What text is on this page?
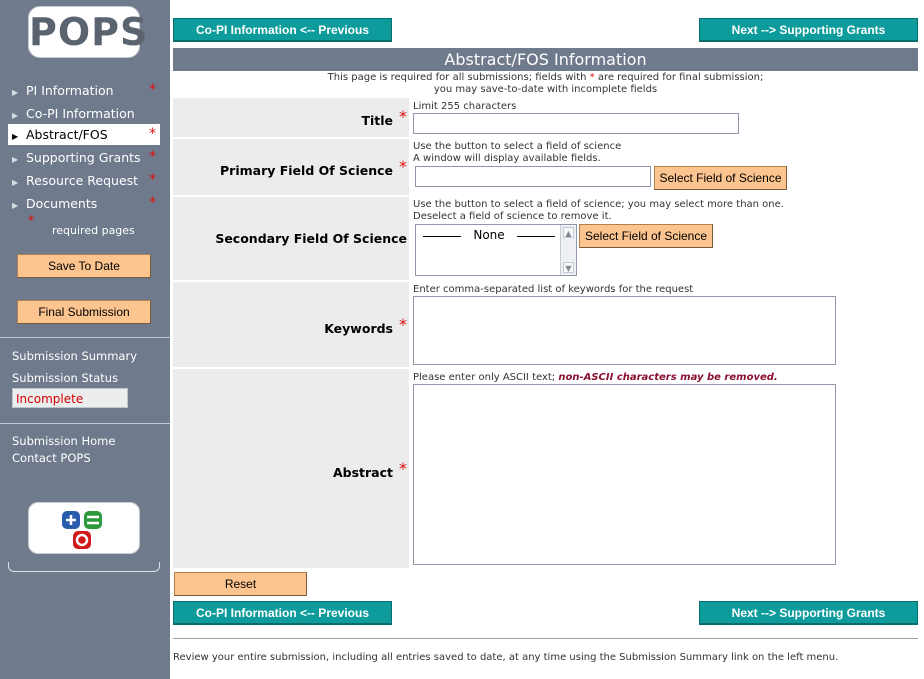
POPS
▶ PI Information	*
▶ Co-PI Information
▶ Abstract/FOS	*
▶ Supporting Grants *
▶ Resource Request *
▶ Documents	*
*
required pages
Save To Date
Final Submission
Submission Summary
Submission Status
Incomplete
Submission Home
Contact POPS
Co-PI Information <-- Previous	Next --> Supporting Grants
Abstract/FOS Information
This page is required for all submissions; fields with * are required for final submission;
you may save-to-date with incomplete fields
Title *
Limit 255 characters
Primary Field Of Science *
Use the button to select a field of science
A window will display available fields.
Select Field of Science
Secondary Field Of Science
Use the button to select a field of science; you may select more than one.
Deselect a field of science to remove it.
Select Field of Science
None	▲
▼
Keywords *
Enter comma-separated list of keywords for the request
Abstract *
Please enter only ASCII text; non-ASCII characters may be removed.
Reset
Co-PI Information <-- Previous	Next --> Supporting Grants
Review your entire submission, including all entries saved to date, at any time using the Submission Summary link on the left menu.
